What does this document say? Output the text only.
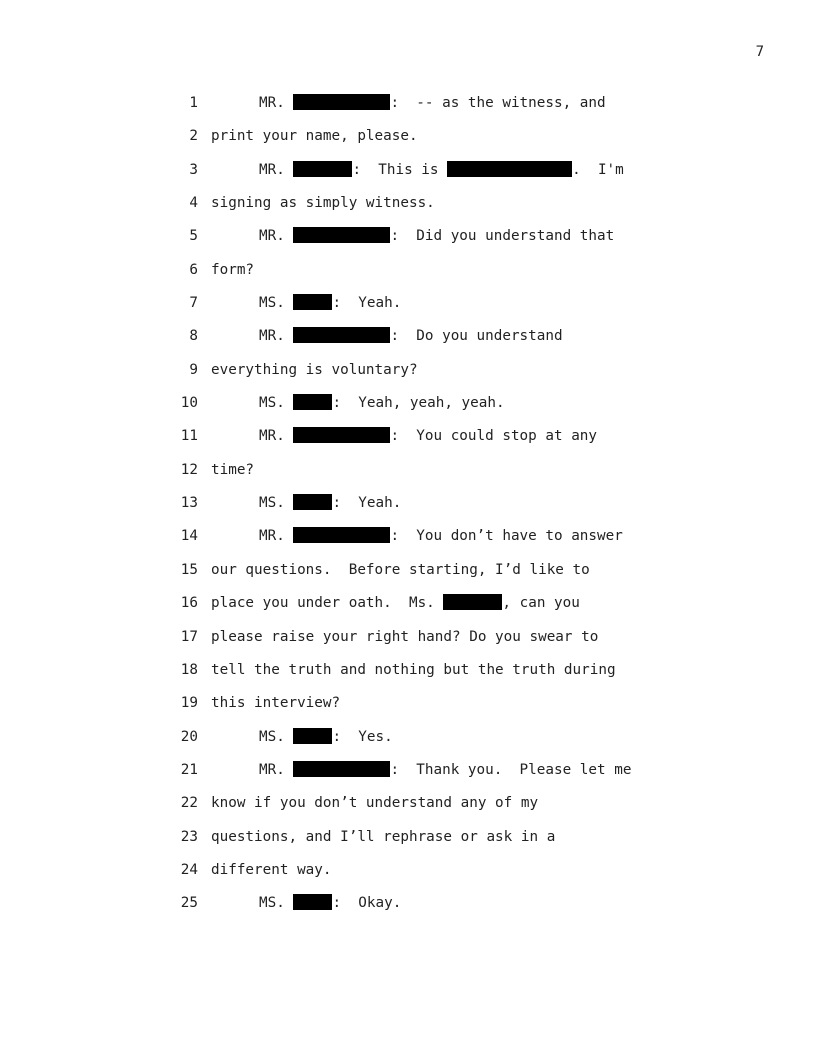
7

1

	MR.	:  -- as the witness, and

2

print your name, please.

3

	MR.	:  This is	.  I'm

4

signing as simply witness.

5

	MR.	:  Did you understand that

6

form?

7

	MS.	:  Yeah.

8

	MR.	:  Do you understand

9

everything is voluntary?

10

	MS.	:  Yeah, yeah, yeah.

11

	MR.	:  You could stop at any

12

time?

13

	MS.	:  Yeah.

14

	MR.	:  You don’t have to answer

15

our questions.  Before starting, I’d like to

16

place you under oath.  Ms.	, can you

17

please raise your right hand? Do you swear to

18

tell the truth and nothing but the truth during

19

this interview?

20

	MS.	:  Yes.

21

	MR.	:  Thank you.  Please let me

22

know if you don’t understand any of my

23

questions, and I’ll rephrase or ask in a

24

different way.

25

	MS.	:  Okay.
